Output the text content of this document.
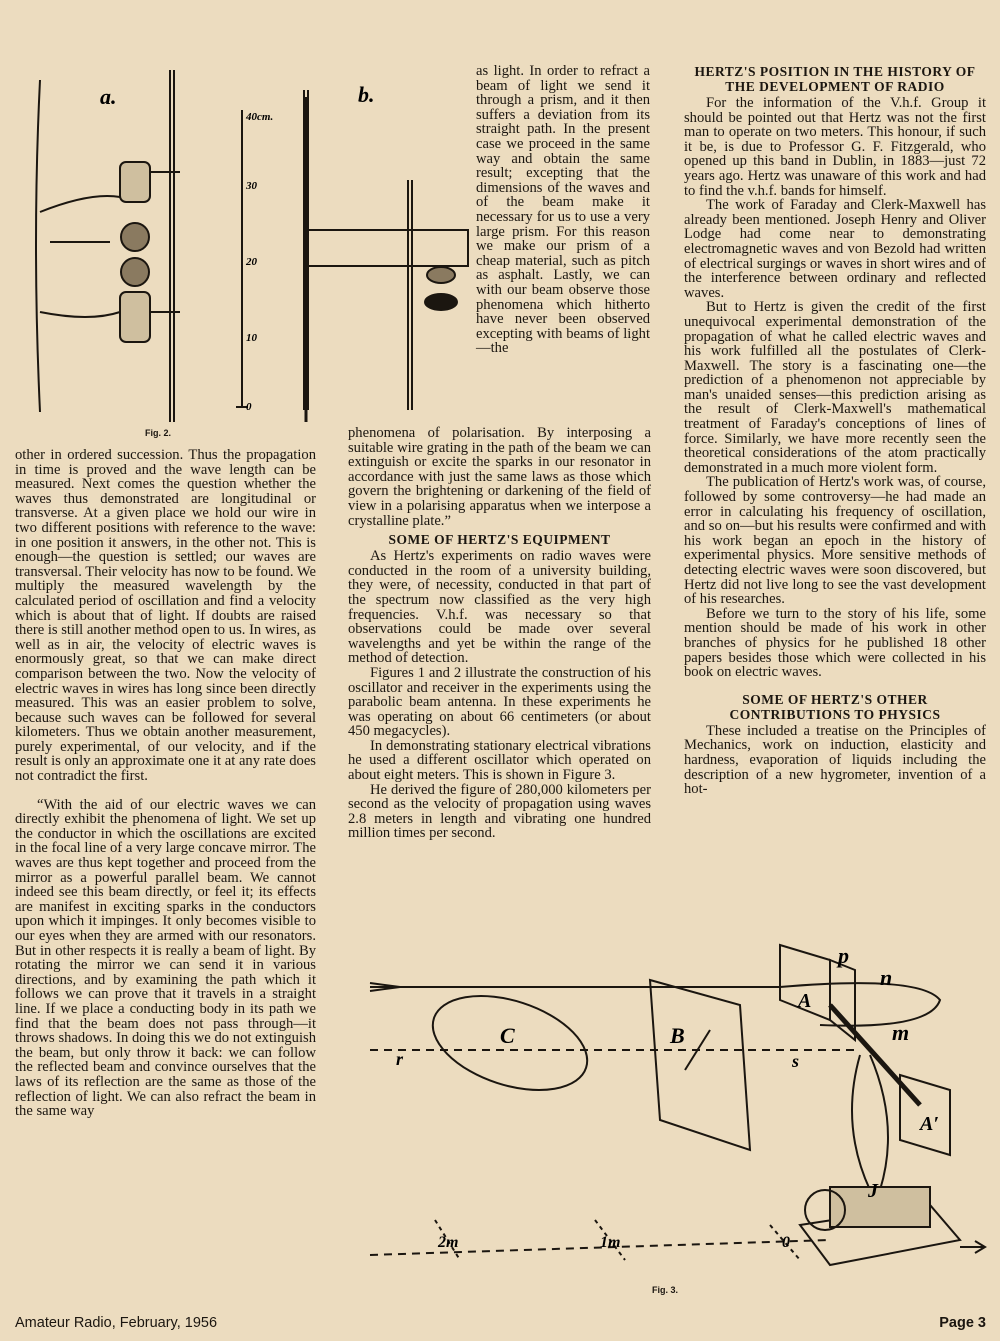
a.
40cm.
30
20
10
0
b.
Fig. 2.

other in ordered succession. Thus the propagation in time is proved and the wave length can be measured. Next comes the question whether the waves thus demonstrated are longitudinal or transverse. At a given place we hold our wire in two different positions with reference to the wave: in one position it answers, in the other not. This is enough—the question is settled; our waves are transversal. Their velocity has now to be found. We multiply the measured wavelength by the calculated period of oscillation and find a velocity which is about that of light. If doubts are raised there is still another method open to us. In wires, as well as in air, the velocity of electric waves is enormously great, so that we can make direct comparison between the two. Now the velocity of electric waves in wires has long since been directly measured. This was an easier problem to solve, because such waves can be followed for several kilometers. Thus we obtain another measurement, purely experimental, of our velocity, and if the result is only an approximate one it at any rate does not contradict the first.

“With the aid of our electric waves we can directly exhibit the phenomena of light. We set up the conductor in which the oscillations are excited in the focal line of a very large concave mirror. The waves are thus kept together and proceed from the mirror as a powerful parallel beam. We cannot indeed see this beam directly, or feel it; its effects are manifest in exciting sparks in the conductors upon which it impinges. It only becomes visible to our eyes when they are armed with our resonators. But in other respects it is really a beam of light. By rotating the mirror we can send it in various directions, and by examining the path which it follows we can prove that it travels in a straight line. If we place a conducting body in its path we find that the beam does not pass through—it throws shadows. In doing this we do not extinguish the beam, but only throw it back: we can follow the reflected beam and convince ourselves that the laws of its reflection are the same as those of the reflection of light. We can also refract the beam in the same way

as light. In order to refract a beam of light we send it through a prism, and it then suffers a deviation from its straight path. In the present case we proceed in the same way and obtain the same result; excepting that the dimensions of the waves and of the beam make it necessary for us to use a very large prism. For this reason we make our prism of a cheap material, such as pitch as asphalt. Lastly, we can with our beam observe those phenomena which hitherto have never been observed excepting with beams of light—the

phenomena of polarisation. By interposing a suitable wire grating in the path of the beam we can extinguish or excite the sparks in our resonator in accordance with just the same laws as those which govern the brightening or darkening of the field of view in a polarising apparatus when we interpose a crystalline plate.”

SOME OF HERTZ'S EQUIPMENT

As Hertz's experiments on radio waves were conducted in the room of a university building, they were, of necessity, conducted in that part of the spectrum now classified as the very high frequencies. V.h.f. was necessary so that observations could be made over several wavelengths and yet be within the range of the method of detection.

Figures 1 and 2 illustrate the construction of his oscillator and receiver in the experiments using the parabolic beam antenna. In these experiments he was operating on about 66 centimeters (or about 450 megacycles).

In demonstrating stationary electrical vibrations he used a different oscillator which operated on about eight meters. This is shown in Figure 3.

He derived the figure of 280,000 kilometers per second as the velocity of propagation using waves 2.8 meters in length and vibrating one hundred million times per second.

HERTZ'S POSITION IN THE HISTORY OF THE DEVELOPMENT OF RADIO

For the information of the V.h.f. Group it should be pointed out that Hertz was not the first man to operate on two meters. This honour, if such it be, is due to Professor G. F. Fitzgerald, who opened up this band in Dublin, in 1883—just 72 years ago. Hertz was unaware of this work and had to find the v.h.f. bands for himself.

The work of Faraday and Clerk-Maxwell has already been mentioned. Joseph Henry and Oliver Lodge had come near to demonstrating electromagnetic waves and von Bezold had written of electrical surgings or waves in short wires and of the interference between ordinary and reflected waves.

But to Hertz is given the credit of the first unequivocal experimental demonstration of the propagation of what he called electric waves and his work fulfilled all the postulates of Clerk-Maxwell. The story is a fascinating one—the prediction of a phenomenon not appreciable by man's unaided senses—this prediction arising as the result of Clerk-Maxwell's mathematical treatment of Faraday's conceptions of lines of force. Similarly, we have more recently seen the theoretical considerations of the atom practically demonstrated in a much more violent form.

The publication of Hertz's work was, of course, followed by some controversy—he had made an error in calculating his frequency of oscillation, and so on—but his results were confirmed and with his work began an epoch in the history of experimental physics. More sensitive methods of detecting electric waves were soon discovered, but Hertz did not live long to see the vast development of his researches.

Before we turn to the story of his life, some mention should be made of his work in other branches of physics for he published 18 other papers besides those which were collected in his book on electric waves.

SOME OF HERTZ'S OTHER CONTRIBUTIONS TO PHYSICS

These included a treatise on the Principles of Mechanics, work on induction, elasticity and hardness, evaporation of liquids including the description of a new hygrometer, invention of a hot-

p
n
A
m
A′
B
C
r	s
J
2m	1m	0
Fig. 3.
Amateur Radio, February, 1956	Page 3
